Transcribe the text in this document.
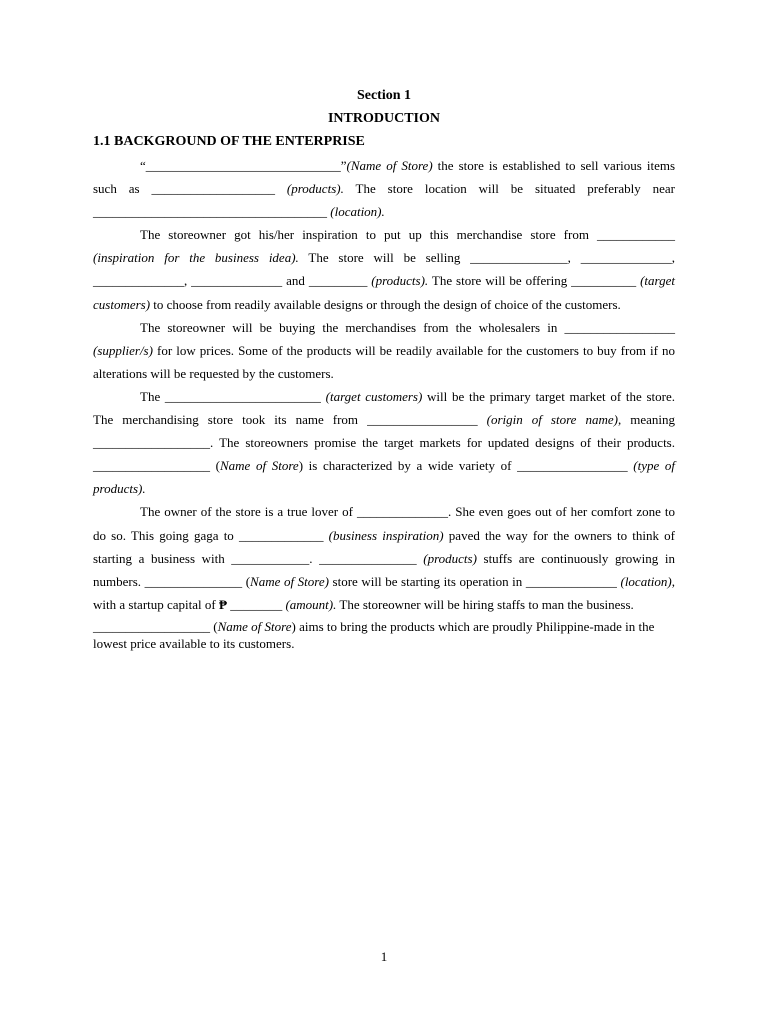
Section 1
INTRODUCTION
1.1 BACKGROUND OF THE ENTERPRISE

“______________________________”(Name of Store) the store is established to sell various items such as ___________________ (products). The store location will be situated preferably near ____________________________________ (location).

The storeowner got his/her inspiration to put up this merchandise store from ____________ (inspiration for the business idea). The store will be selling _______________, ______________, ______________, ______________ and _________ (products). The store will be offering __________ (target customers) to choose from readily available designs or through the design of choice of the customers.

The storeowner will be buying the merchandises from the wholesalers in _________________ (supplier/s) for low prices. Some of the products will be readily available for the customers to buy from if no alterations will be requested by the customers.

The ________________________ (target customers) will be the primary target market of the store. The merchandising store took its name from _________________ (origin of store name), meaning __________________. The storeowners promise the target markets for updated designs of their products. __________________ (Name of Store) is characterized by a wide variety of _________________ (type of products).

The owner of the store is a true lover of ______________. She even goes out of her comfort zone to do so. This going gaga to _____________ (business inspiration) paved the way for the owners to think of starting a business with ____________. _______________ (products) stuffs are continuously growing in numbers. _______________ (Name of Store) store will be starting its operation in ______________ (location), with a startup capital of ₱ ________ (amount). The storeowner will be hiring staffs to man the business.

__________________ (Name of Store) aims to bring the products which are proudly Philippine-made in the lowest price available to its customers.

1
